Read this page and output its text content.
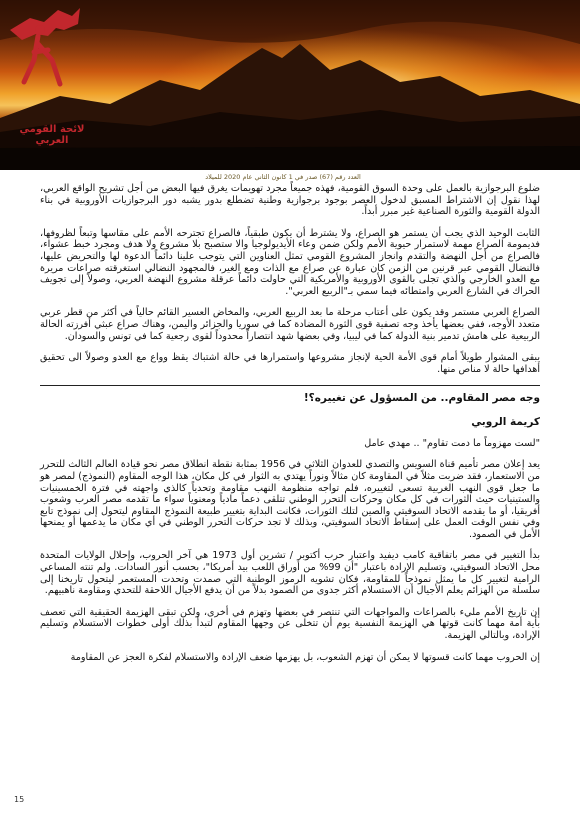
لائحة القومي العربي
العدد رقم (67) صدر في 1 كانون الثاني عام 2020 للميلاد

ضلوع البرجوازية بالعمل على وحدة السوق القومية، فهذه جميعاً مجرد تهويمات يغرق فيها البعض من أجل تشريح الواقع العربي، لهذا نقول إن الاشتراط المسبق لدخول العصر بوجود برجوازية وطنية تضطلع بدور يشبه دور البرجوازيات الأوروبية في بناء الدولة القومية والثورة الصناعية غير مبرر أبداً.

الثابت الوحيد الذي يجب أن يستمر هو الصراع، ولا يشترط أن يكون طبقياً، فالصراع تجترحه الأمم على مقاسها وتبعاً لظروفها، فديمومة الصراع مهمة لاستمرار حيوية الأمم ولكن ضمن وعاء الأيديولوجيا والا ستصبح بلا مشروع ولا هدف ومجرد خبط عشواء، فالصراع من أجل النهضة والتقدم وانجاز المشروع القومي تمثل العناوين التي يتوجب علينا دائماً الدعوة لها والتحريض عليها، فالنضال القومي عبر قرنين من الزمن كان عبارة عن صراع مع الذات ومع الغير، فالمجهود النضالي استغرقته صراعات مريرة مع العدو الخارجي والذي تجلى بالقوى الأوروبية والأمريكية التي حاولت دائماً عرقلة مشروع النهضة العربي، وصولاً إلى تجويف الحراك في الشارع العربي وامتطائه فيما سمي بـ"الربيع العربي".

الصراع العربي مستمر وقد يكون على أعتاب مرحلة ما بعد الربيع العربي، والمخاض العسير القائم حالياً في أكثر من قطر عربي متعدد الأوجه، ففي بعضها يأخذ وجه تصفية قوى الثورة المضادة كما في سوريا والجزائر واليمن، وهناك صراع عبثي أفرزته الحالة الربيعية على هامش تدمير بنية الدولة كما في ليبيا، وفي بعضها شهد انتصاراً محدوداً لقوى رجعية كما في تونس والسودان.

يبقى المشوار طويلاً أمام قوى الأمة الحية لإنجاز مشروعها واستمرارها في حالة اشتباك يقظ وواع مع العدو وصولاً الى تحقيق أهدافها حالة لا مناص منها.

وجه مصر المقاوم.. من المسؤول عن تغييره؟!
كريمة الروبي
"لست مهزوماً ما دمت تقاوم" .. مهدي عامل

يعد إعلان مصر تأميم قناة السويس والتصدي للعدوان الثلاثي في 1956 بمثابة نقطة انطلاق مصر نحو قيادة العالم الثالث للتحرر من الاستعمار، فقد ضربت مثلاً في المقاومة كان مثالاً ونوراً يهتدي به الثوار في كل مكان، هذا الوجه المقاوم (النموذج) لمصر هو ما جعل قوى النهب الغربية تسعى لتغييره، فلم تواجه منظومة النهب مقاومة وتحدياً كالذي واجهته في فترة الخمسينيات والستينيات حيث الثورات في كل مكان وحركات التحرر الوطني تتلقى دعماً مادياً ومعنوياً سواء ما تقدمه مصر العرب وشعوب أفريقيا، أو ما يقدمه الاتحاد السوفيتي والصين لتلك الثورات، فكانت البداية بتغيير طبيعة النموذج المقاوم ليتحول إلى نموذج تابع وفي نفس الوقت العمل على إسقاط الاتحاد السوفيتي، وبذلك لا تجد حركات التحرر الوطني في أي مكان ما يدعمها أو يمنحها الأمل في الصمود.

بدأ التغيير في مصر باتفاقية كامب ديفيد واعتبار حرب أكتوبر / تشرين أول 1973 هي آخر الحروب، وإحلال الولايات المتحدة محل الاتحاد السوفيتي، وتسليم الإرادة باعتبار "أن 99% من أوراق اللعب بيد أمريكا"، بحسب أنور السادات. ولم تنته المساعي الرامية لتغيير كل ما يمثل نموذجاً للمقاومة، فكان تشويه الرموز الوطنية التي صمدت وتحدت المستعمر ليتحول تاريخنا إلى سلسلة من الهزائم يعلم الأجيال أن الاستسلام أكثر جدوى من الصمود بدلاً من أن يدفع الأجيال اللاحقة للتحدي ومقاومة ناهبيهم.

إن تاريخ الأمم مليء بالصراعات والمواجهات التي تنتصر في بعضها وتهزم في أخرى، ولكن تبقى الهزيمة الحقيقية التي تعصف بأية أمة مهما كانت قوتها هي الهزيمة النفسية يوم أن تتخلى عن وجهها المقاوم لتبدأ بذلك أولى خطوات الاستسلام وتسليم الإرادة، وبالتالي الهزيمة.

إن الحروب مهما كانت قسوتها لا يمكن أن تهزم الشعوب، بل يهزمها ضعف الإرادة والاستسلام لفكرة العجز عن المقاومة

15
